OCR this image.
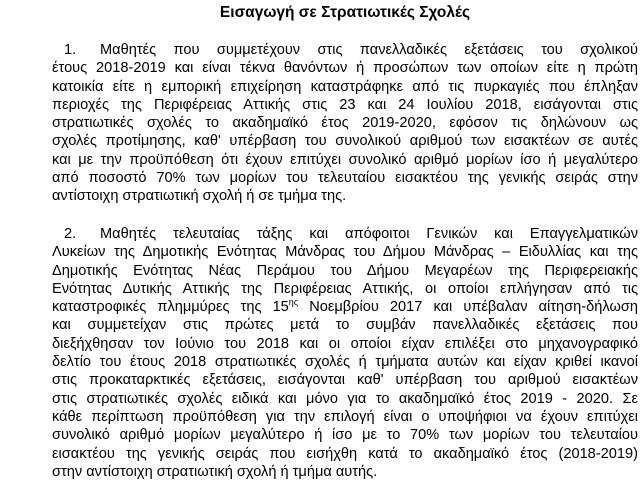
Εισαγωγή σε Στρατιωτικές Σχολές
1. Μαθητές που συμμετέχουν στις πανελλαδικές εξετάσεις του σχολικού
έτους 2018-2019 και είναι τέκνα θανόντων ή προσώπων των οποίων είτε η πρώτη
κατοικία είτε η εμπορική επιχείρηση καταστράφηκε από τις πυρκαγιές που έπληξαν
περιοχές της Περιφέρειας Αττικής στις 23 και 24 Ιουλίου 2018, εισάγονται στις
στρατιωτικές σχολές το ακαδημαϊκό έτος 2019-2020, εφόσον τις δηλώνουν ως
σχολές προτίμησης, καθ' υπέρβαση του συνολικού αριθμού των εισακτέων σε αυτές
και με την προϋπόθεση ότι έχουν επιτύχει συνολικό αριθμό μορίων ίσο ή μεγαλύτερο
από ποσοστό 70% των μορίων του τελευταίου εισακτέου της γενικής σειράς στην
αντίστοιχη στρατιωτική σχολή ή σε τμήμα της.
2. Μαθητές τελευταίας τάξης και απόφοιτοι Γενικών και Επαγγελματικών
Λυκείων της Δημοτικής Ενότητας Μάνδρας του Δήμου Μάνδρας – Ειδυλλίας και της
Δημοτικής Ενότητας Νέας Περάμου του Δήμου Μεγαρέων της Περιφερειακής
Ενότητας Δυτικής Αττικής της Περιφέρειας Αττικής, οι οποίοι επλήγησαν από τις
καταστροφικές πλημμύρες της $15^{\eta\varsigma}$ Νοεμβρίου 2017 και υπέβαλαν αίτηση-δήλωση
και συμμετείχαν στις πρώτες μετά το συμβάν πανελλαδικές εξετάσεις που
διεξήχθησαν τον Ιούνιο του 2018 και οι οποίοι είχαν επιλέξει στο μηχανογραφικό
δελτίο του έτους 2018 στρατιωτικές σχολές ή τμήματα αυτών και είχαν κριθεί ικανοί
στις προκαταρκτικές εξετάσεις, εισάγονται καθ' υπέρβαση του αριθμού εισακτέων
στις στρατιωτικές σχολές ειδικά και μόνο για το ακαδημαϊκό έτος 2019 - 2020. Σε
κάθε περίπτωση προϋπόθεση για την επιλογή είναι ο υποψήφιοι να έχουν επιτύχει
συνολικό αριθμό μορίων μεγαλύτερο ή ίσο με το 70% των μορίων του τελευταίου
εισακτέου της γενικής σειράς που εισήχθη κατά το ακαδημαϊκό έτος (2018-2019)
στην αντίστοιχη στρατιωτική σχολή ή τμήμα αυτής.
